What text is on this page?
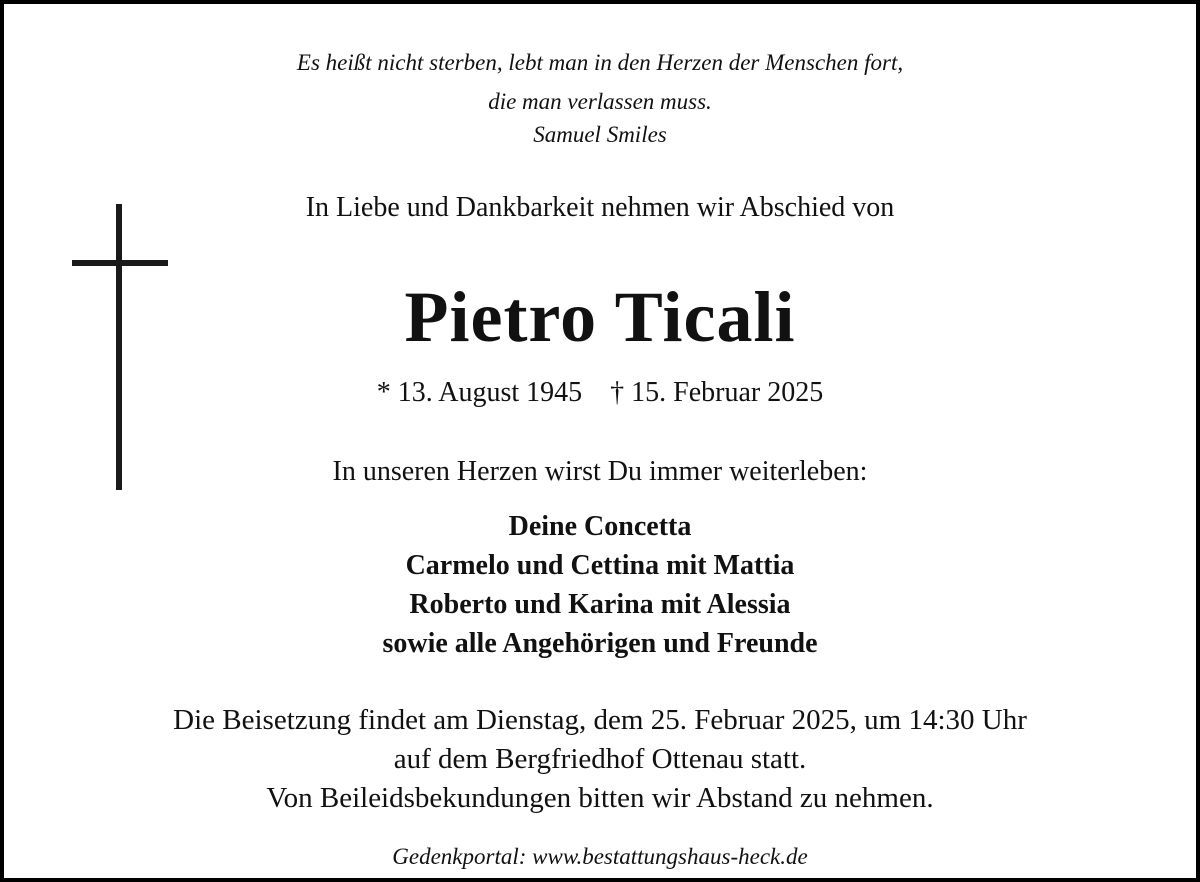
Es heißt nicht sterben, lebt man in den Herzen der Menschen fort,
die man verlassen muss.
Samuel Smiles
In Liebe und Dankbarkeit nehmen wir Abschied von
Pietro Ticali
* 13. August 1945 † 15. Februar 2025
In unseren Herzen wirst Du immer weiterleben:
Deine Concetta
Carmelo und Cettina mit Mattia
Roberto und Karina mit Alessia
sowie alle Angehörigen und Freunde
Die Beisetzung findet am Dienstag, dem 25. Februar 2025, um 14:30 Uhr
auf dem Bergfriedhof Ottenau statt.
Von Beileidsbekundungen bitten wir Abstand zu nehmen.
Gedenkportal: www.bestattungshaus-heck.de
